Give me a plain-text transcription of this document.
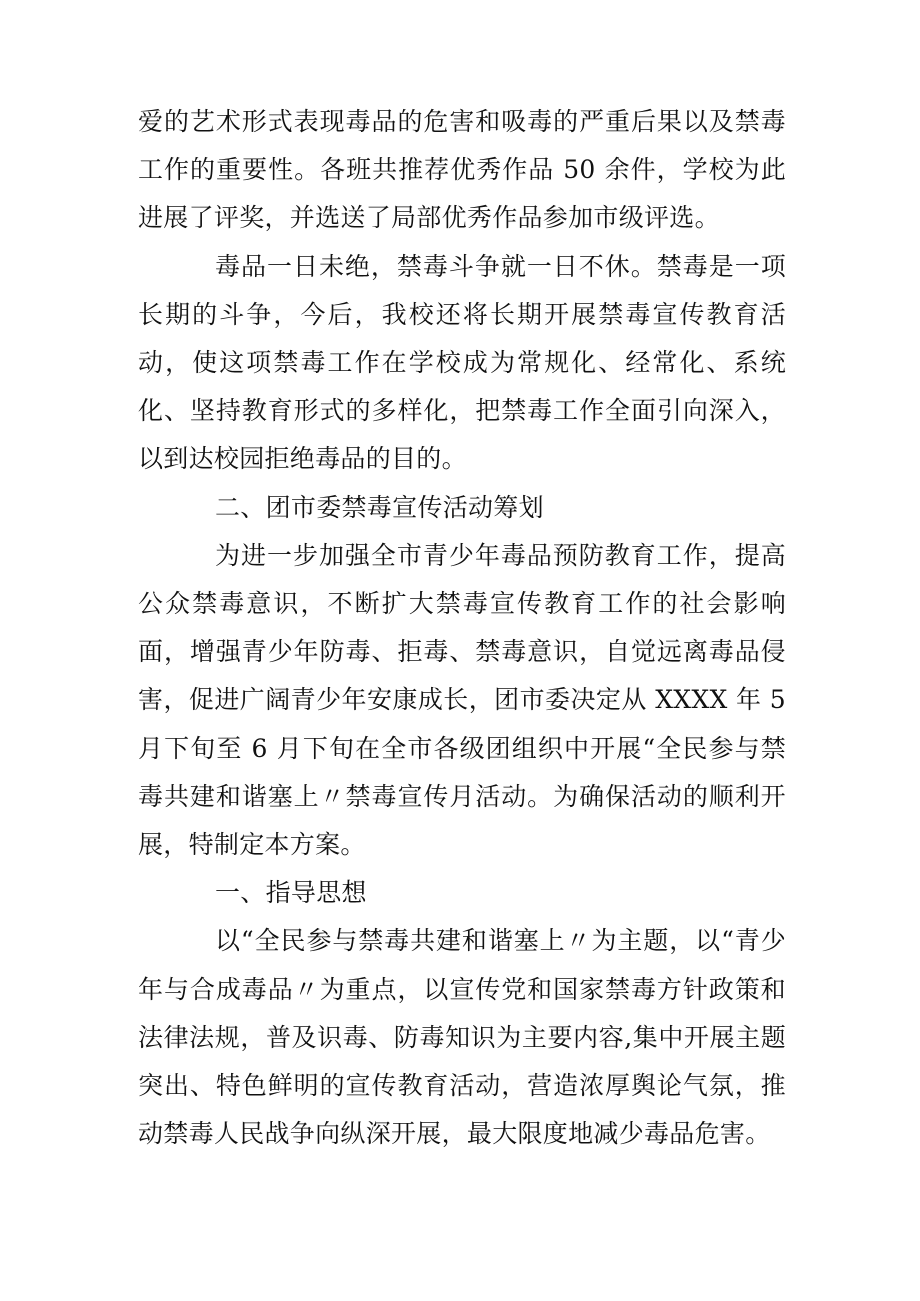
爱的艺术形式表现毒品的危害和吸毒的严重后果以及禁毒工作的重要性。各班共推荐优秀作品 50 余件，学校为此进展了评奖，并选送了局部优秀作品参加市级评选。

毒品一日未绝，禁毒斗争就一日不休。禁毒是一项长期的斗争，今后，我校还将长期开展禁毒宣传教育活动，使这项禁毒工作在学校成为常规化、经常化、系统化、坚持教育形式的多样化，把禁毒工作全面引向深入，以到达校园拒绝毒品的目的。

二、团市委禁毒宣传活动筹划

为进一步加强全市青少年毒品预防教育工作，提高公众禁毒意识，不断扩大禁毒宣传教育工作的社会影响面，增强青少年防毒、拒毒、禁毒意识，自觉远离毒品侵害，促进广阔青少年安康成长，团市委决定从 XXXX 年 5 月下旬至 6 月下旬在全市各级团组织中开展“全民参与禁毒共建和谐塞上〃禁毒宣传月活动。为确保活动的顺利开展，特制定本方案。

一、指导思想

以“全民参与禁毒共建和谐塞上〃为主题，以“青少年与合成毒品〃为重点，以宣传党和国家禁毒方针政策和法律法规，普及识毒、防毒知识为主要内容,集中开展主题突出、特色鲜明的宣传教育活动，营造浓厚舆论气氛，推动禁毒人民战争向纵深开展，最大限度地减少毒品危害。
